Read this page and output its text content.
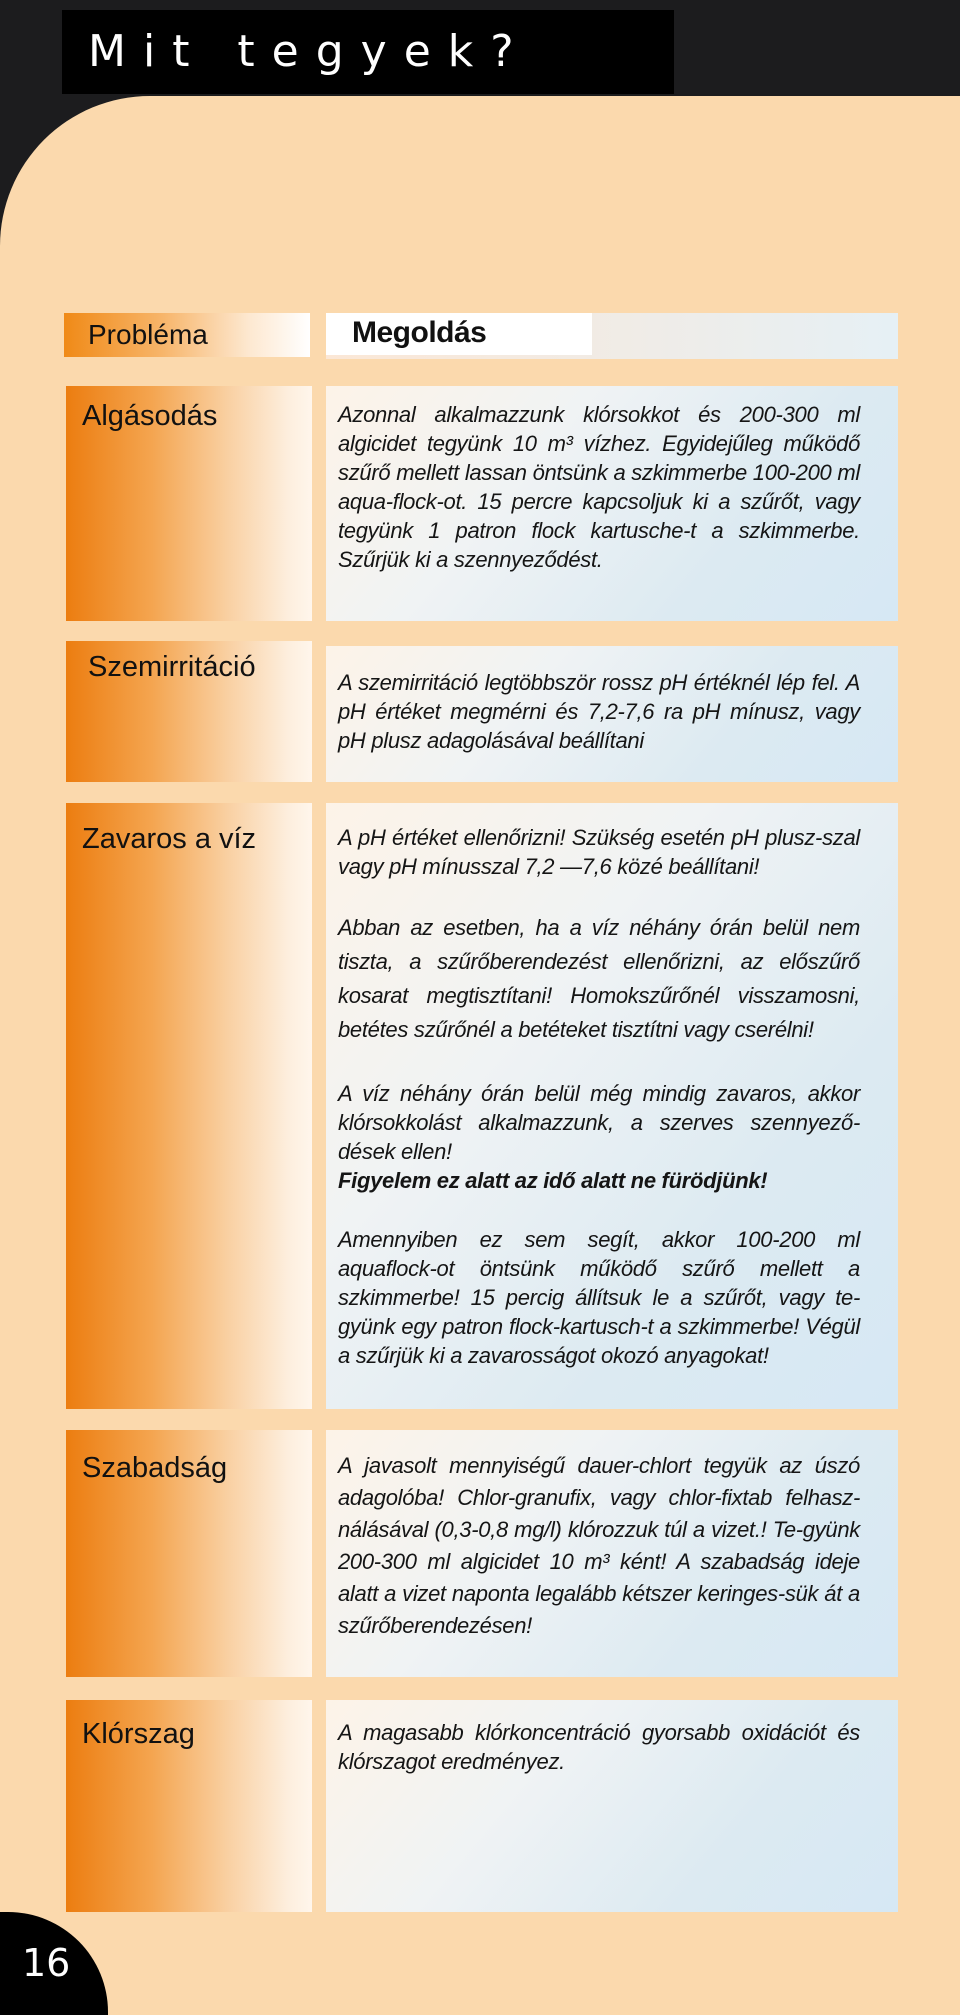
Mit tegyek?
Probléma	Megoldás
Algásodás	Azonnal alkalmazzunk klórsokkot és 200-300 ml algicidet tegyünk 10 m³ vízhez. Egyidejűleg működő szűrő mellett lassan öntsünk a szkimmerbe 100-200 ml aqua-flock-ot. 15 percre kapcsoljuk ki a szűrőt, vagy tegyünk 1 patron flock kartusche-t a szkimmerbe. Szűrjük ki a szennyeződést.

Szemirritáció	A szemirritáció legtöbbször rossz pH értéknél lép fel. A pH értéket megmérni és 7,2-7,6 ra pH mínusz, vagy pH plusz adagolásával beállítani

Zavaros a víz	A pH értéket ellenőrizni! Szükség esetén pH plusz-szal vagy pH mínusszal 7,2 —7,6 közé beállítani!

Abban az esetben, ha a víz néhány órán belül nem tiszta, a szűrőberendezést ellenőrizni, az előszűrő kosarat megtisztítani! Homokszűrőnél visszamosni, betétes szűrőnél a betéteket tisztítni vagy cserélni!

A víz néhány órán belül még mindig zavaros, akkor klórsokkolást alkalmazzunk, a szerves szennyező-dések ellen!

Figyelem ez alatt az idő alatt ne fürödjünk!

Amennyiben ez sem segít, akkor 100-200 ml aquaflock-ot öntsünk működő szűrő mellett a szkimmerbe! 15 percig állítsuk le a szűrőt, vagy te-gyünk egy patron flock-kartusch-t a szkimmerbe! Végül a szűrjük ki a zavarosságot okozó anyagokat!

Szabadság	A javasolt mennyiségű dauer-chlort tegyük az úszó adagolóba! Chlor-granufix, vagy chlor-fixtab felhasz-nálásával (0,3-0,8 mg/l) klórozzuk túl a vizet.! Te-gyünk 200-300 ml algicidet 10 m³ ként! A szabadság ideje alatt a vizet naponta legalább kétszer keringes-sük át a szűrőberendezésen!

Klórszag	A magasabb klórkoncentráció gyorsabb oxidációt és klórszagot eredményez.

16
